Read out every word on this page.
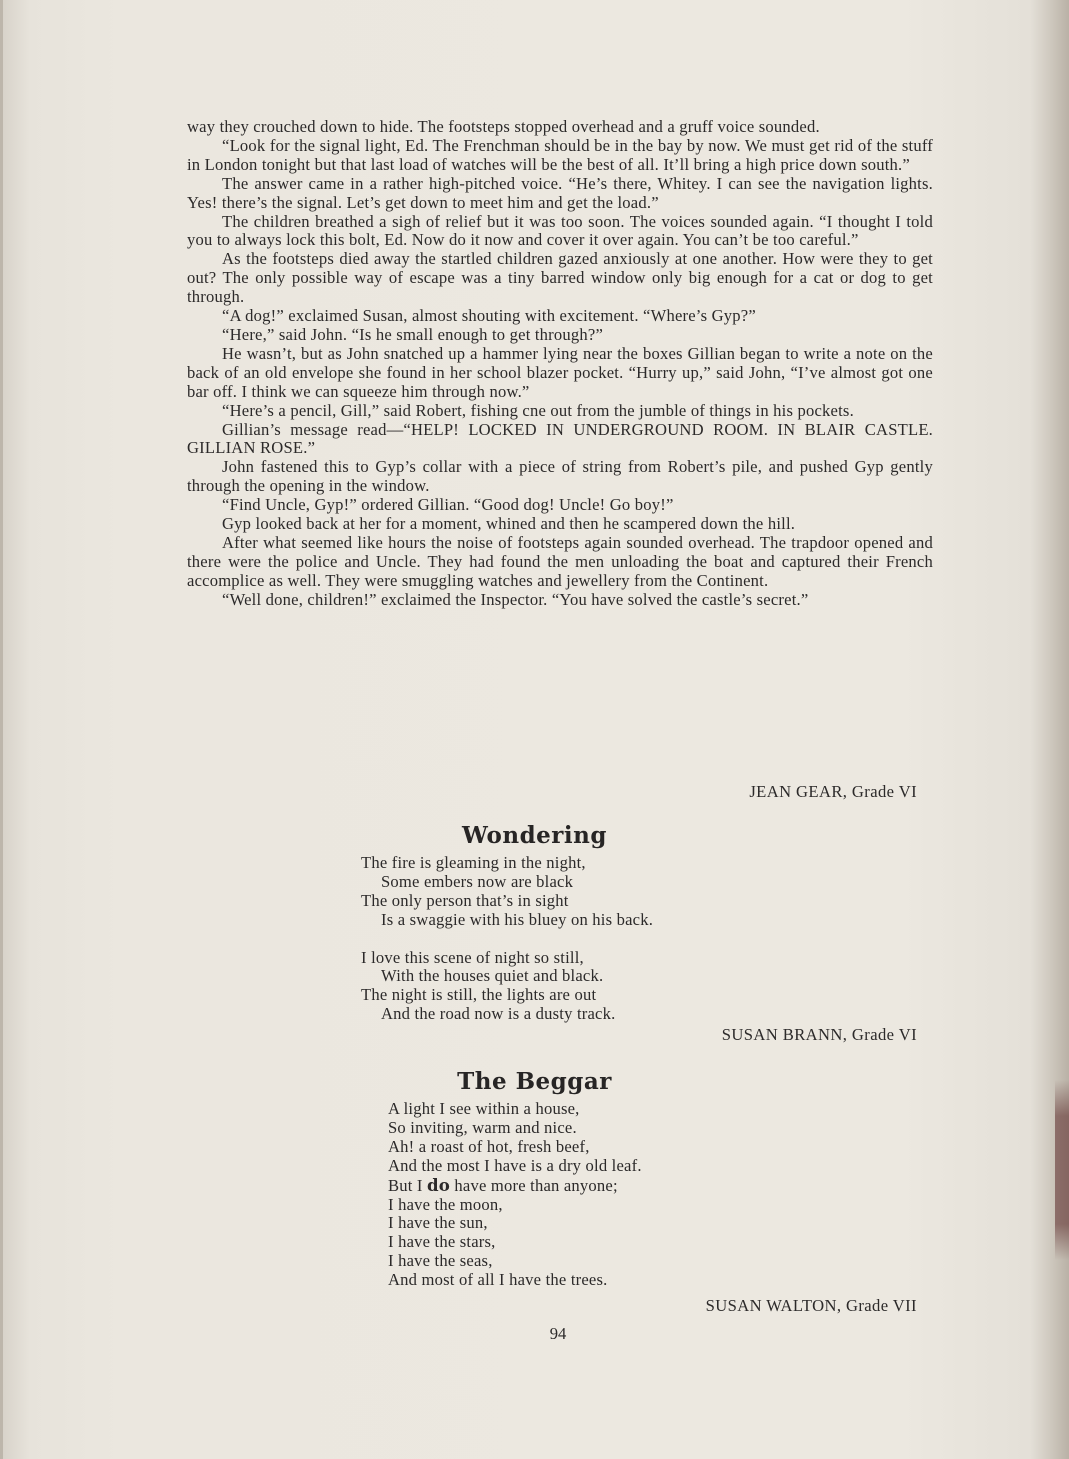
way they crouched down to hide. The footsteps stopped overhead and a gruff voice sounded.

“Look for the signal light, Ed. The Frenchman should be in the bay by now. We must get rid of the stuff in London tonight but that last load of watches will be the best of all. It’ll bring a high price down south.”

The answer came in a rather high-pitched voice. “He’s there, Whitey. I can see the navigation lights. Yes! there’s the signal. Let’s get down to meet him and get the load.”

The children breathed a sigh of relief but it was too soon. The voices sounded again. “I thought I told you to always lock this bolt, Ed. Now do it now and cover it over again. You can’t be too careful.”

As the footsteps died away the startled children gazed anxiously at one another. How were they to get out? The only possible way of escape was a tiny barred window only big enough for a cat or dog to get through.

“A dog!” exclaimed Susan, almost shouting with excitement. “Where’s Gyp?”

“Here,” said John. “Is he small enough to get through?”

He wasn’t, but as John snatched up a hammer lying near the boxes Gillian began to write a note on the back of an old envelope she found in her school blazer pocket. “Hurry up,” said John, “I’ve almost got one bar off. I think we can squeeze him through now.”

“Here’s a pencil, Gill,” said Robert, fishing cne out from the jumble of things in his pockets.

Gillian’s message read—“HELP! LOCKED IN UNDERGROUND ROOM. IN BLAIR CASTLE. GILLIAN ROSE.”

John fastened this to Gyp’s collar with a piece of string from Robert’s pile, and pushed Gyp gently through the opening in the window.

“Find Uncle, Gyp!” ordered Gillian. “Good dog! Uncle! Go boy!”

Gyp looked back at her for a moment, whined and then he scampered down the hill.

After what seemed like hours the noise of footsteps again sounded overhead. The trapdoor opened and there were the police and Uncle. They had found the men unloading the boat and captured their French accomplice as well. They were smuggling watches and jewellery from the Continent.

“Well done, children!” exclaimed the Inspector. “You have solved the castle’s secret.”

JEAN GEAR, Grade VI
Wondering
The fire is gleaming in the night,
Some embers now are black
The only person that’s in sight
Is a swaggie with his bluey on his back.
I love this scene of night so still,
With the houses quiet and black.
The night is still, the lights are out
And the road now is a dusty track.
SUSAN BRANN, Grade VI
The Beggar
A light I see within a house,
So inviting, warm and nice.
Ah! a roast of hot, fresh beef,
And the most I have is a dry old leaf.
But I do have more than anyone;
I have the moon,
I have the sun,
I have the stars,
I have the seas,
And most of all I have the trees.
SUSAN WALTON, Grade VII
94
